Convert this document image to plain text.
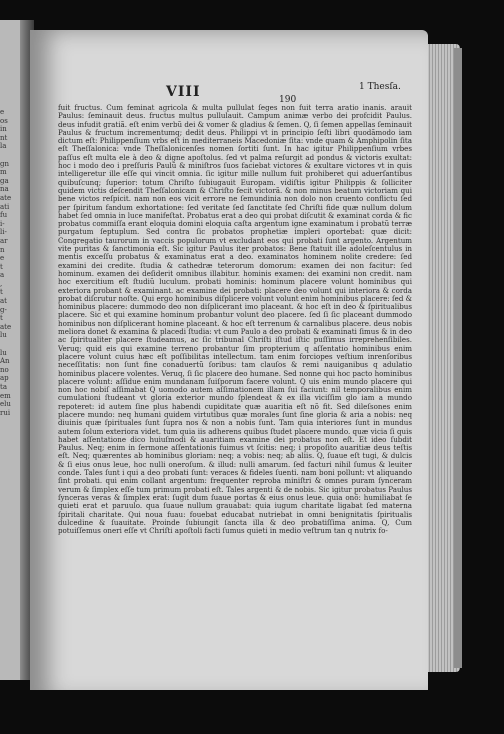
e
os
in
nt
la

gn
m
ga
na
ate
ati
fu
i-
li-
ar
n
e
t
a
,
t
at
g-
t
ate
lu

lu
An
no
ap
ta
em
elu
rui
VIII	190
1 Thesſa.
fuit fructus. Cum feminat agricola & multa pullulat ſeges non fuit terra aratio inanis. arauit Paulus: ſeminauit deus. fructus multus pullulauit. Campum animæ verbo dei profcidit Paulus. deus infudit gratiã. eſt enim verbũ dei & vomer & gladius & ſemen. Q, ſi ſemen appellas ſeminauit Paulus & fructum incrementumq; dedit deus. Philippi vt in principio ſeſti libri quodãmodo iam dictum eſt: Philippenſium vrbs eſt in mediterraneis Macedoniæ ſita: vnde quam & Amphipolin ſita eſt Theſſalonica: vnde Theſſalonicenſes nomen ſortiti ſunt. In hac igitur Philippenſium vrbes paſſus eſt multa ele à deo & digne apoſtolus. ſed vt palma reſurgit ad pondus & victoris exultat: hoc i modo deo i preſſuris Paulũ & miniſtros ſuos faciebat victores & exultare victores vt in quis intelligeretur ille eſſe qui vincit omnia. ſic igitur mille nullum fuit prohiberet qui aduerſantibus quibuſcunq; ſuperior: totum Chriſto ſubiugauit Europam. vidiſtis igitur Philippis & ſolliciter quidem victis deſcendit Theſſalonicam & Chriſto fecit victorã. & non minus beatum victoriam qui bene victos reſpicit. nam non eos vicit errore ne ſemundinia non dolo non cruento conflictu ſed per ſpiritum fandum exhortatione: ſed veritate ſed ſanctitate ſed Chriſti fide quæ nullum dolum habet ſed omnia in luce manifeſtat. Probatus erat a deo qui probat diſcutit & examinat corda & fic probatus commiſſa erant eloquia domini eloquia caſta argentum igne examinatum i probatũ terræ purgatum ſeptuplum. Sed contra ſic probatos prophetiæ impleri oportebat: quæ dicit: Congregatio taurorum in vaccis populorum vt excludant eos qui probati ſunt argento. Argentum vite puritas & ſanctimonia eſt. Sic igitur Paulus iter probatos: Bene ſtatuit ille adoleſcentulus in mentis exceſſu probatus & examinatus erat a deo. examinatos hominem nolite credere: ſed examini dei credite. ſtudia & cathedræ teterorum domorum: examen dei non facitur: ſed hominum. examen dei deſiderit omnibus illabitur. hominis examen: dei examini non credit. nam hoc exercitium eſt ſtudiũ luculum. probati hominis: hominum placere volunt hominibus qui exteriora probant & examinant. ac examine dei probati: placere deo volunt qui interiora & corda probat diſcrutur noſte. Qui ergo hominibus diſplicere volunt volunt enim hominibus placere: ſed & hominibus placere: dummodo deo non diſplicerant imo placeant. & hoc eſt in deo & ſpiritualibus placere. Sic et qui examine hominum probantur volunt deo placere. ſed ſi ſic placeant dummodo hominibus non diſplicerant homine placeant. & hoc eſt terrenum & carnalibus placere. deus nobis meliora donet & examina & placedi ſtudia: vt cum Paulo a deo probati & examinati ſimus & in deo ac ſpiritualiter placere ſtudeamus, ac ſic tribunal Chriſti iſtud iſtic puſſimus irreprehenſibiles. Veruq; quid eis qui examine terreno probantur ſim propterium q aſſentatio hominibus enim placere volunt cuius hæc eſt poſſibilitas intellectum. tam enim forciopes veſtium inrenſoribus neceſſitatis: non ſunt fine conaduertũ ſoribus: tam clauſos & remi nauiganibus q adulatio hominibus placere volentes. Veruq, ſi ſic placere deo humane. Sed nonne qui hoc pacto hominibus placere volunt: aſſidue enim mundanam ſuiſporum facere volunt. Q uis enim mundo placere qui non hoc nobiſ aſſimabat Q uomodo autem aſſimationem illam ſui faciunt: nil temporalibus enim cumulationi ſtudeant vt gloria exterior mundo ſplendeat & ex illa viciſſim glo iam a mundo repoteret: id autem ſine plus habendi cupiditate quæ auaritia eſt nõ fit. Sed dileſsones enim placere mundo: neq humani quidem virtutibus quæ morales ſunt ſine gloria & aria a nobis: neq diuinis quæ ſpirituales ſunt ſupra nos & non a nobis ſunt. Tam quia interiores ſunt in mundus autem ſolum exteriora videt. tum quia iis adherens quibus ſtudet placere mundo. quæ vicia ſi quis habet aſſentatione dico huiuſmodi & auaritiam examine dei probatus non eſt. Et ideo ſubdit Paulus. Neq; enim in ſermone aſſentationis fuimus vt ſcitis: neq; i propoſito auaritiæ deus teſtis eſt. Neq; quærentes ab hominibus gloriam: neq; a vobis: neq; ab aliis. Q, ſuaue eſt tugi, & dulcis & ſi eius onus leue, hoc nulli oneroſum. & illud: nulli amarum. ſed facturi nihil ſumus & leuiter conde. Tales ſunt i qui a deo probati ſunt: veraces & fideles ſuenti. nam boni pollunt: vt aliquando ſint probati. qui enim collant argentum: frequenter reproba miniſtri & omnes puram ſynceram verum & ſimplex eſſe tum primum probati eſt. Tales argenti & de nobis. Sic igitur probatus Paulus ſynceras veras & ſimplex erat: ſugit dum ſuaue portas & eius onus leue. quia onõ: humiliabat ſe quieti erat et paruulo. qua ſuaue nullum grauabat: quia iugum charitate ligabat ſed materna ſpiritali charitate. Qui noua fuau: fouebat educabat nutriebat in omni benignitatis ſpiritualis dulcedine & ſuauitate. Proinde ſubiungit ſancta illa & deo probatiſſima anima. Q, Cum potuiſſemus oneri eſſe vt Chriſti apoſtoli facti ſumus quieti in medio veſtrum tan q nutrix fo-
